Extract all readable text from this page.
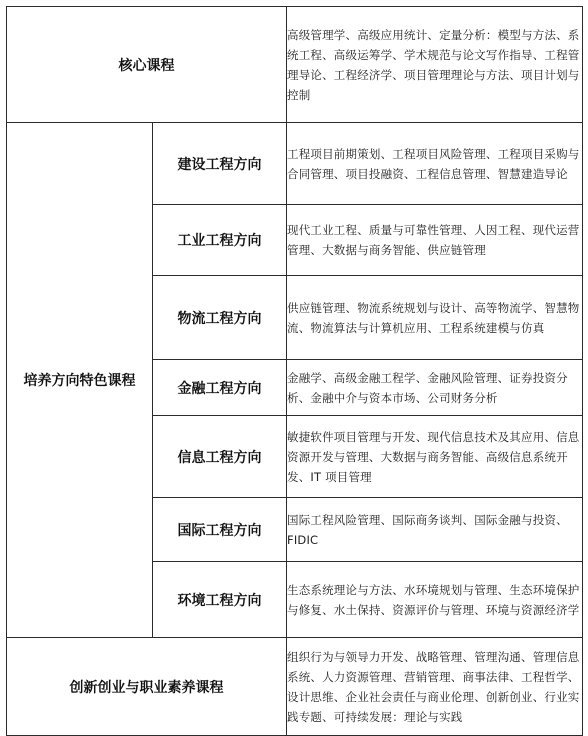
核心课程		高级管理学、高级应用统计、定量分析：模型与方法、系统工程、高级运筹学、学术规范与论文写作指导、工程管理导论、工程经济学、项目管理理论与方法、项目计划与控制
培养方向特色课程	建设工程方向	工程项目前期策划、工程项目风险管理、工程项目采购与合同管理、项目投融资、工程信息管理、智慧建造导论
	工业工程方向	现代工业工程、质量与可靠性管理、人因工程、现代运营管理、大数据与商务智能、供应链管理
	物流工程方向	供应链管理、物流系统规划与设计、高等物流学、智慧物流、物流算法与计算机应用、工程系统建模与仿真
	金融工程方向	金融学、高级金融工程学、金融风险管理、证券投资分析、金融中介与资本市场、公司财务分析
	信息工程方向	敏捷软件项目管理与开发、现代信息技术及其应用、信息资源开发与管理、大数据与商务智能、高级信息系统开发、IT 项目管理
	国际工程方向	国际工程风险管理、国际商务谈判、国际金融与投资、FIDIC
	环境工程方向	生态系统理论与方法、水环境规划与管理、生态环境保护与修复、水土保持、资源评价与管理、环境与资源经济学
创新创业与职业素养课程		组织行为与领导力开发、战略管理、管理沟通、管理信息系统、人力资源管理、营销管理、商事法律、工程哲学、设计思维、企业社会责任与商业伦理、创新创业、行业实践专题、可持续发展：理论与实践
